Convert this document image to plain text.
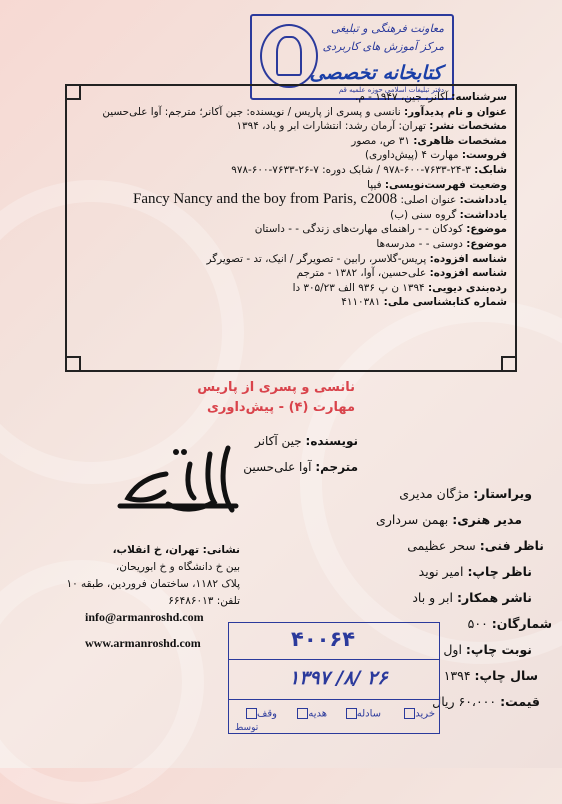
معاونت فرهنگی و تبلیغی
مرکز آموزش های کاربردی
کتابخانه تخصصی
دفتر تبلیغات اسلامی حوزه علمیه قم
سرشناسه: آکانر، جین، ۱۹۴۷ - م.
عنوان و نام پدیدآور: نانسی و پسری از پاریس / نویسنده: جین آکانر؛ مترجم: آوا علی‌حسین
مشخصات نشر: تهران: آرمان رشد: انتشارات ابر و باد، ۱۳۹۴
مشخصات ظاهری: ۳۱ ص، مصور
فروست: مهارت ۴ (پیش‌داوری)
شابک: ۳-۲۴-۷۶۳۳-۶۰۰-۹۷۸ / شابک دوره: ۷-۲۶-۷۶۳۳-۶۰۰-۹۷۸
وضعیت فهرست‌نویسی: فیپا
یادداشت: عنوان اصلی: Fancy Nancy and the boy from Paris, c2008
یادداشت: گروه سنی (ب)
موضوع: کودکان - - راهنمای مهارت‌های زندگی - - داستان
موضوع: دوستی - - مدرسه‌ها
شناسه افزوده: پریس-گلاسر، رابین - تصویرگر / انیک، تد - تصویرگر
شناسه افزوده: علی‌حسین، آوا، ۱۳۸۲ - مترجم
رده‌بندی دیویی: ۱۳۹۴ ن پ ۹۳۶ الف ۳۰۵/۲۳ دا
شماره کتابشناسی ملی: ۴۱۱۰۳۸۱
نانسی و پسری از پاریس
مهارت (۴) - پیش‌داوری
نویسنده: جین آکانر
مترجم: آوا علی‌حسین
نشانی: تهران، خ انقلاب،
بین خ دانشگاه و خ ابوریحان،
پلاک ۱۱۸۲، ساختمان فروردین، طبقه ۱۰
تلفن: ۶۶۴۸۶۰۱۳
info@armanroshd.com
www.armanroshd.com
ویراستار: مژگان مدیری
مدیر هنری: بهمن سرداری
ناظر فنی: سحر عظیمی
ناظر چاپ: امیر نوید
ناشر همکار: ابر و باد
شمارگان: ۵۰۰
نوبت چاپ: اول
سال چاپ: ۱۳۹۴
قیمت: ۶۰،۰۰۰ ریال
۴۰۰۶۴
۱۳۹۷ /۸/ ۲۶
خرید
سادله
هدیه
وقف
توسط
